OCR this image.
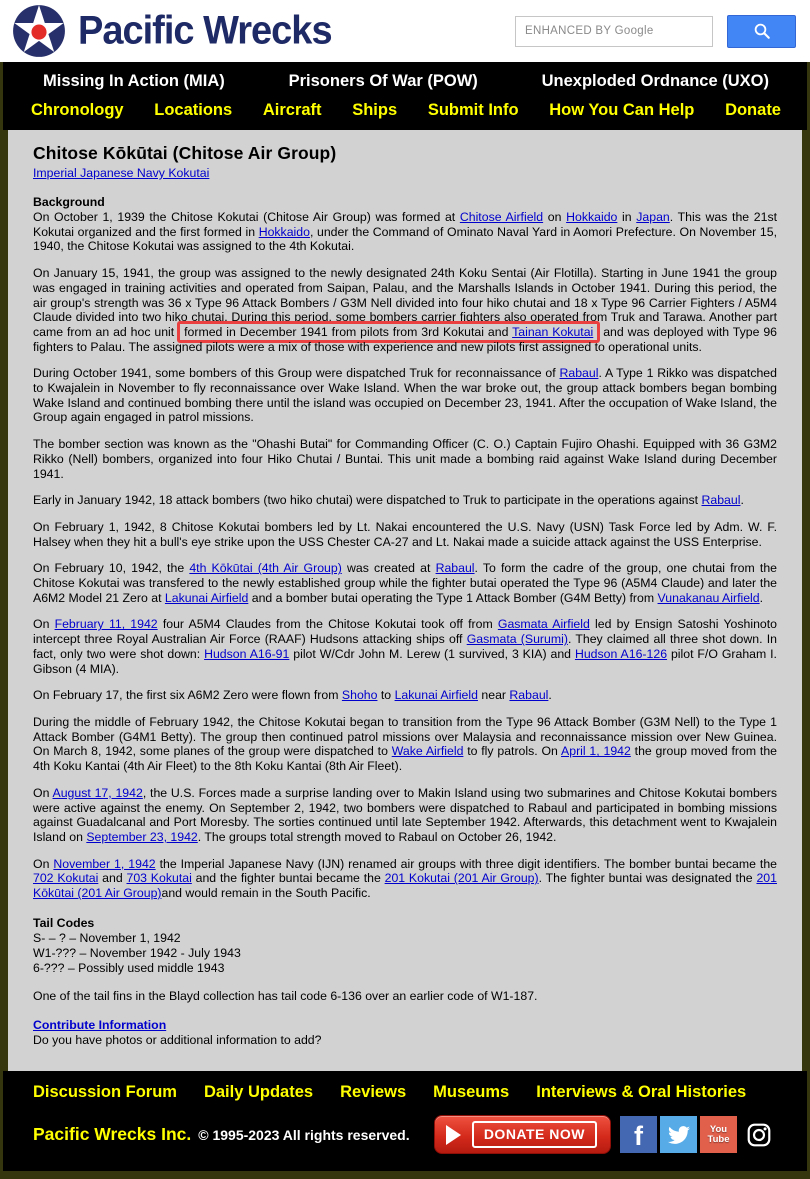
Pacific Wrecks
ENHANCED BY Google
Missing In Action (MIA)	Prisoners Of War (POW)	Unexploded Ordnance (UXO)
Chronology Locations Aircraft Ships Submit Info How You Can Help Donate
Chitose Kōkūtai (Chitose Air Group)
Imperial Japanese Navy Kokutai
Background

On October 1, 1939 the Chitose Kokutai (Chitose Air Group) was formed at Chitose Airfield on Hokkaido in Japan. This was the 21st Kokutai organized and the first formed in Hokkaido, under the Command of Ominato Naval Yard in Aomori Prefecture. On November 15, 1940, the Chitose Kokutai was assigned to the 4th Kokutai.

On January 15, 1941, the group was assigned to the newly designated 24th Koku Sentai (Air Flotilla). Starting in June 1941 the group was engaged in training activities and operated from Saipan, Palau, and the Marshalls Islands in October 1941. During this period, the air group's strength was 36 x Type 96 Attack Bombers / G3M Nell divided into four hiko chutai and 18 x Type 96 Carrier Fighters / A5M4 Claude divided into two hiko chutai. During this period, some bombers carrier fighters also operated from Truk and Tarawa. Another part came from an ad hoc unit formed in December 1941 from pilots from 3rd Kokutai and Tainan Kokutai and was deployed with Type 96 fighters to Palau. The assigned pilots were a mix of those with experience and new pilots first assigned to operational units.

During October 1941, some bombers of this Group were dispatched Truk for reconnaissance of Rabaul. A Type 1 Rikko was dispatched to Kwajalein in November to fly reconnaissance over Wake Island. When the war broke out, the group attack bombers began bombing Wake Island and continued bombing there until the island was occupied on December 23, 1941. After the occupation of Wake Island, the Group again engaged in patrol missions.

The bomber section was known as the "Ohashi Butai" for Commanding Officer (C. O.) Captain Fujiro Ohashi. Equipped with 36 G3M2 Rikko (Nell) bombers, organized into four Hiko Chutai / Buntai. This unit made a bombing raid against Wake Island during December 1941.

Early in January 1942, 18 attack bombers (two hiko chutai) were dispatched to Truk to participate in the operations against Rabaul.

On February 1, 1942, 8 Chitose Kokutai bombers led by Lt. Nakai encountered the U.S. Navy (USN) Task Force led by Adm. W. F. Halsey when they hit a bull's eye strike upon the USS Chester CA-27 and Lt. Nakai made a suicide attack against the USS Enterprise.

On February 10, 1942, the 4th Kōkūtai (4th Air Group) was created at Rabaul. To form the cadre of the group, one chutai from the Chitose Kokutai was transfered to the newly established group while the fighter butai operated the Type 96 (A5M4 Claude) and later the A6M2 Model 21 Zero at Lakunai Airfield and a bomber butai operating the Type 1 Attack Bomber (G4M Betty) from Vunakanau Airfield.

On February 11, 1942 four A5M4 Claudes from the Chitose Kokutai took off from Gasmata Airfield led by Ensign Satoshi Yoshinoto intercept three Royal Australian Air Force (RAAF) Hudsons attacking ships off Gasmata (Surumi). They claimed all three shot down. In fact, only two were shot down: Hudson A16-91 pilot W/Cdr John M. Lerew (1 survived, 3 KIA) and Hudson A16-126 pilot F/O Graham I. Gibson (4 MIA).

On February 17, the first six A6M2 Zero were flown from Shoho to Lakunai Airfield near Rabaul.

During the middle of February 1942, the Chitose Kokutai began to transition from the Type 96 Attack Bomber (G3M Nell) to the Type 1 Attack Bomber (G4M1 Betty). The group then continued patrol missions over Malaysia and reconnaissance mission over New Guinea. On March 8, 1942, some planes of the group were dispatched to Wake Airfield to fly patrols. On April 1, 1942 the group moved from the 4th Koku Kantai (4th Air Fleet) to the 8th Koku Kantai (8th Air Fleet).

On August 17, 1942, the U.S. Forces made a surprise landing over to Makin Island using two submarines and Chitose Kokutai bombers were active against the enemy. On September 2, 1942, two bombers were dispatched to Rabaul and participated in bombing missions against Guadalcanal and Port Moresby. The sorties continued until late September 1942. Afterwards, this detachment went to Kwajalein Island on September 23, 1942. The groups total strength moved to Rabaul on October 26, 1942.

On November 1, 1942 the Imperial Japanese Navy (IJN) renamed air groups with three digit identifiers. The bomber buntai became the 702 Kokutai and 703 Kokutai and the fighter buntai became the 201 Kokutai (201 Air Group). The fighter buntai was designated the 201 Kōkūtai (201 Air Group)and would remain in the South Pacific.

Tail Codes
S- – ? – November 1, 1942
W1-??? – November 1942 - July 1943
6-??? – Possibly used middle 1943

One of the tail fins in the Blayd collection has tail code 6-136 over an earlier code of W1-187.

Contribute Information
Do you have photos or additional information to add?
Discussion Forum Daily Updates Reviews Museums Interviews & Oral Histories
Pacific Wrecks Inc. © 1995-2023 All rights reserved.	DONATE NOW	f	You
Tube
